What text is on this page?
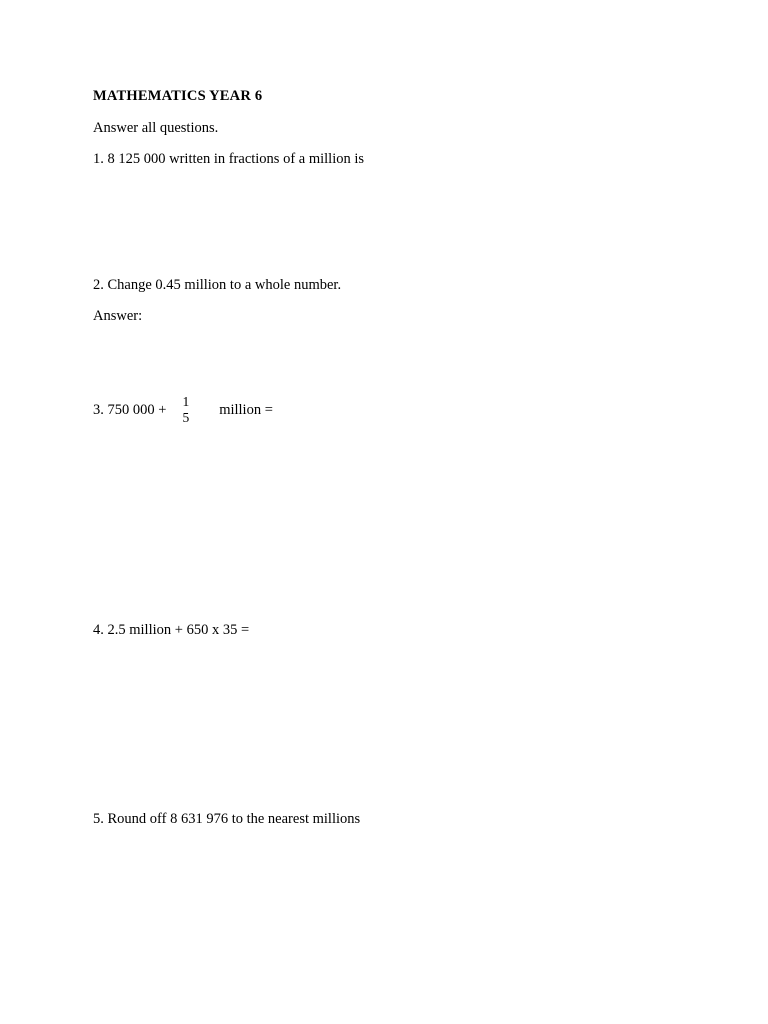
MATHEMATICS YEAR 6
Answer all questions.
1. 8 125 000 written in fractions of a million is
2. Change 0.45 million to a whole number.
Answer:
3. 750 000 +
1
5 million =
4. 2.5 million + 650 x 35 =
5. Round off 8 631 976 to the nearest millions
